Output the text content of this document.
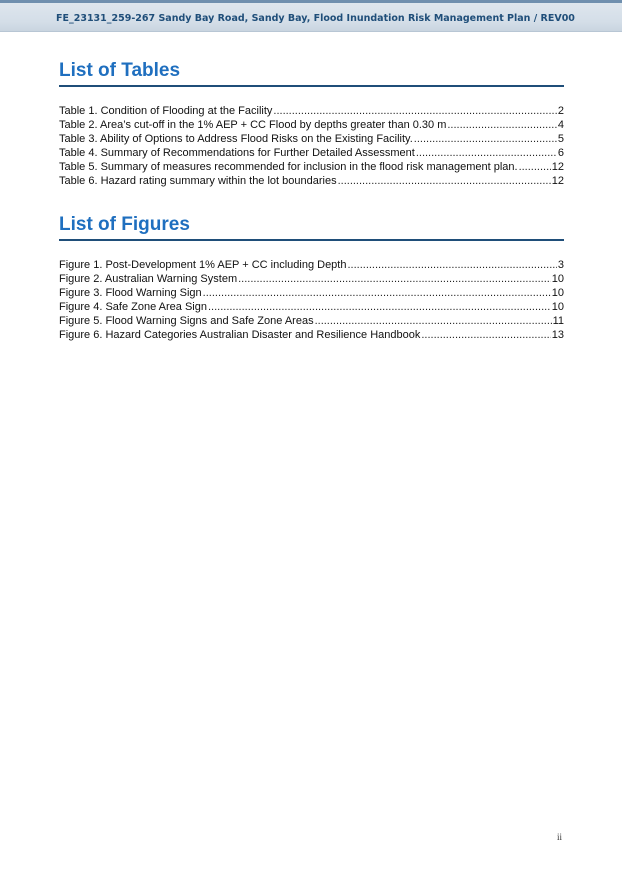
FE_23131_259-267 Sandy Bay Road, Sandy Bay, Flood Inundation Risk Management Plan / REV00
List of Tables
Table 1. Condition of Flooding at the Facility .....	2
Table 2. Area’s cut-off in the 1% AEP + CC Flood by depths greater than 0.30 m .....	4
Table 3. Ability of Options to Address Flood Risks on the Existing Facility. .....	5
Table 4. Summary of Recommendations for Further Detailed Assessment .....	6
Table 5. Summary of measures recommended for inclusion in the flood risk management plan. .....	12
Table 6. Hazard rating summary within the lot boundaries .....	12
List of Figures
Figure 1. Post-Development 1% AEP + CC including Depth .....	3
Figure 2. Australian Warning System .....	10
Figure 3. Flood Warning Sign .....	10
Figure 4. Safe Zone Area Sign .....	10
Figure 5. Flood Warning Signs and Safe Zone Areas .....	11
Figure 6. Hazard Categories Australian Disaster and Resilience Handbook .....	13
ii
